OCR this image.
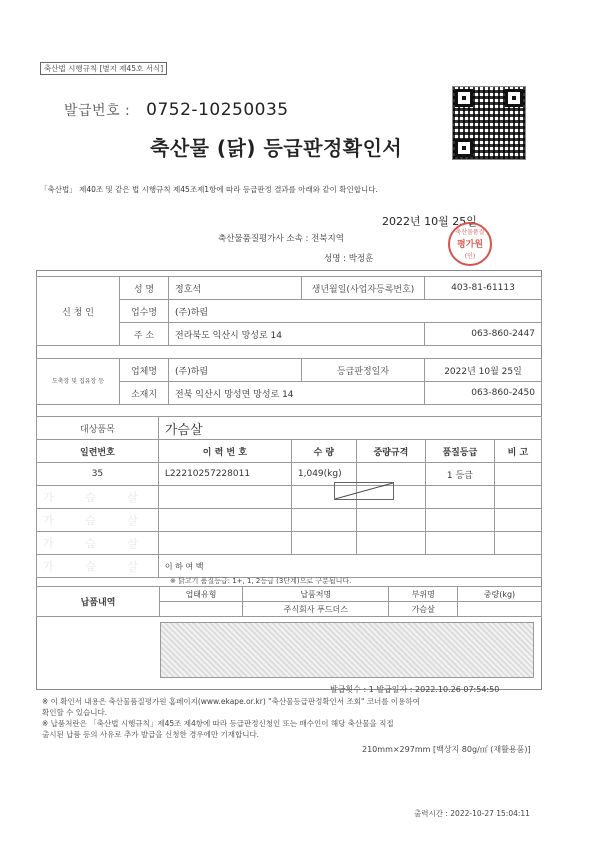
축산법 시행규칙 [별지 제45호 서식]
발급번호 : 0752-10250035
축산물 (닭) 등급판정확인서
「축산법」 제40조 및 같은 법 시행규칙 제45조제1항에 따라 등급판정 결과를 아래와 같이 확인합니다.
2022년 10월 25일
축산물품질평가사 소속 : 전북지역
성명 : 박정훈
축산물품질
평가원
(인)
신 청 인	성 명	정호석	생년월일(사업자등록번호)	403-81-61113
	업수명	(주)하림		
	주 소	전라북도 익산시 망성로 14		063-860-2447
도축장 및 집유장 등	업체명	(주)하림	등급판정일자	2022년 10월 25일
	소재지	전북 익산시 망성면 망성로 14		063-860-2450
대상품목	가슴살				
일련번호	이 력 번 호	수 량	중량규격	품질등급	비 고
35	L22210257228011	1,049(kg)		1 등급	
가 슴 살					
가 슴 살					
가 슴 살					
가 슴 살	이 하 여 백				
※ 닭고기 품질등급: 1+, 1, 2등급 (3단계)으로 구분됩니다.
납품내역	업태유형	납품처명	부위명	중량(kg)
		주식회사 푸드더스	가슴살	
발급횟수 : 1 발급일자 : 2022.10.26 07:54:50
※ 이 확인서 내용은 축산물품질평가원 홈페이지(www.ekape.or.kr) "축산물등급판정확인서 조회" 코너를 이용하여
확인할 수 있습니다.
※ 납품처란은 「축산법 시행규칙」제45조 제4항에 따라 등급판정신청인 또는 매수인이 해당 축산물을 직접
출시된 납품 등의 사유로 추가 발급을 신청한 경우에만 기재합니다.
210mm×297mm [백상지 80g/㎡ (재활용품)]
출력시간 : 2022-10-27 15:04:11
